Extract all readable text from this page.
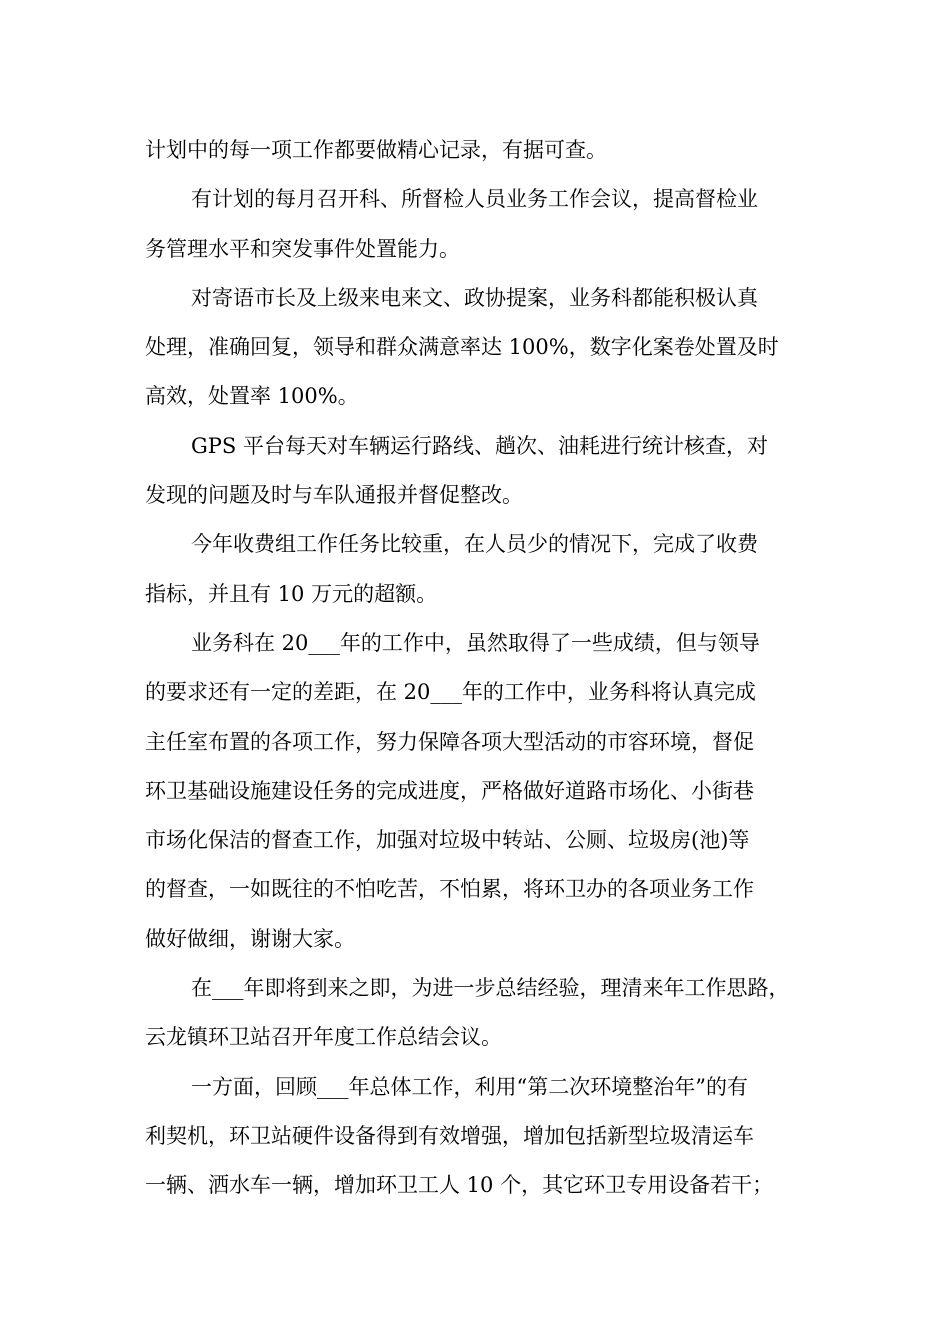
计划中的每一项工作都要做精心记录，有据可查。
有计划的每月召开科、所督检人员业务工作会议，提高督检业
务管理水平和突发事件处置能力。
对寄语市长及上级来电来文、政协提案，业务科都能积极认真
处理，准确回复，领导和群众满意率达 100%，数字化案卷处置及时
高效，处置率 100%。
GPS 平台每天对车辆运行路线、趟次、油耗进行统计核查，对
发现的问题及时与车队通报并督促整改。
今年收费组工作任务比较重，在人员少的情况下，完成了收费
指标，并且有 10 万元的超额。
业务科在 20___年的工作中，虽然取得了一些成绩，但与领导
的要求还有一定的差距，在 20___年的工作中，业务科将认真完成
主任室布置的各项工作，努力保障各项大型活动的市容环境，督促
环卫基础设施建设任务的完成进度，严格做好道路市场化、小街巷
市场化保洁的督查工作，加强对垃圾中转站、公厕、垃圾房(池)等
的督查，一如既往的不怕吃苦，不怕累，将环卫办的各项业务工作
做好做细，谢谢大家。
在___年即将到来之即，为进一步总结经验，理清来年工作思路，
云龙镇环卫站召开年度工作总结会议。
一方面，回顾___年总体工作，利用“第二次环境整治年”的有
利契机，环卫站硬件设备得到有效增强，增加包括新型垃圾清运车
一辆、洒水车一辆，增加环卫工人 10 个，其它环卫专用设备若干；
